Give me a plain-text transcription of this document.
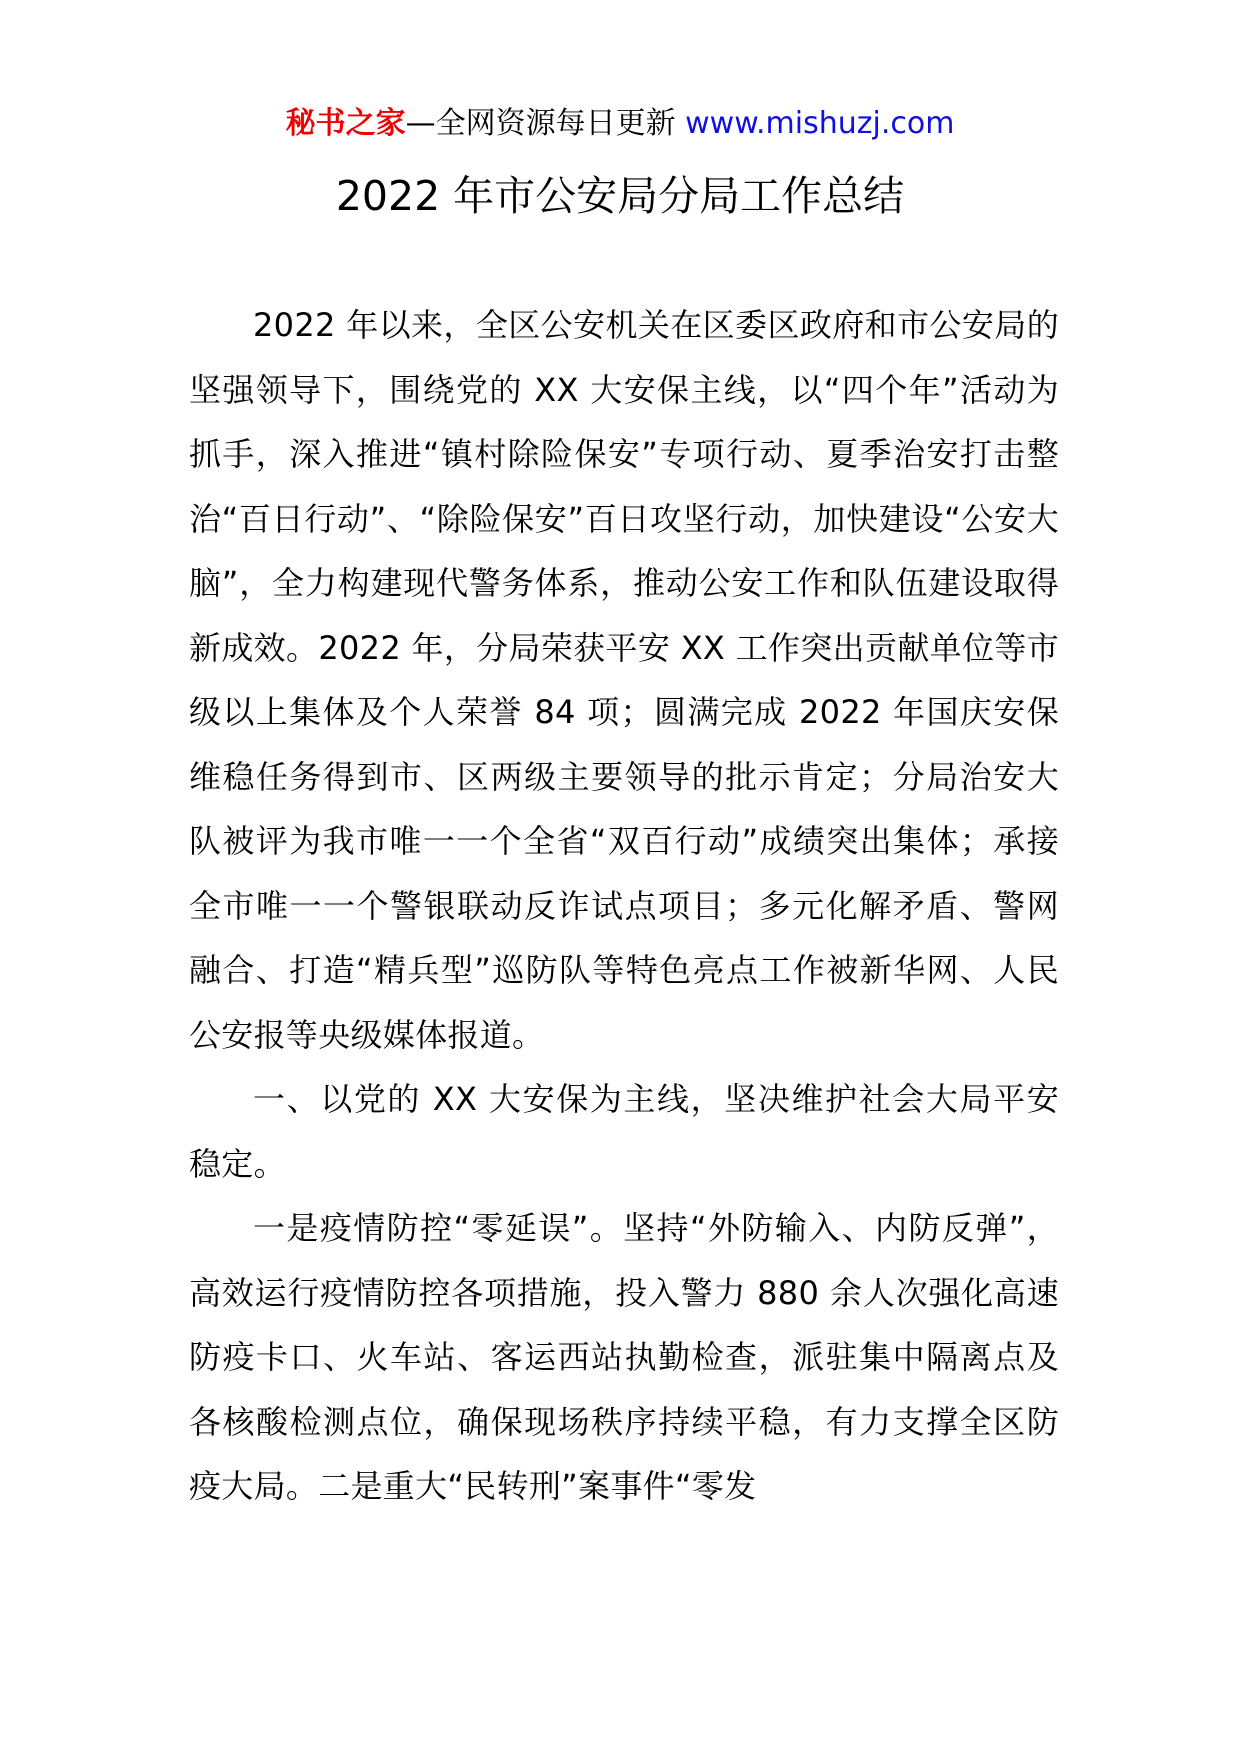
秘书之家—全网资源每日更新 www.mishuzj.com
2022 年市公安局分局工作总结

2022 年以来，全区公安机关在区委区政府和市公安局的坚强领导下，围绕党的 XX 大安保主线，以“四个年”活动为抓手，深入推进“镇村除险保安”专项行动、夏季治安打击整治“百日行动”、“除险保安”百日攻坚行动，加快建设“公安大脑”，全力构建现代警务体系，推动公安工作和队伍建设取得新成效。2022 年，分局荣获平安 XX 工作突出贡献单位等市级以上集体及个人荣誉 84 项；圆满完成 2022 年国庆安保维稳任务得到市、区两级主要领导的批示肯定；分局治安大队被评为我市唯一一个全省“双百行动”成绩突出集体；承接全市唯一一个警银联动反诈试点项目；多元化解矛盾、警网融合、打造“精兵型”巡防队等特色亮点工作被新华网、人民公安报等央级媒体报道。

一、以党的 XX 大安保为主线，坚决维护社会大局平安稳定。

一是疫情防控“零延误”。坚持“外防输入、内防反弹”，高效运行疫情防控各项措施，投入警力 880 余人次强化高速防疫卡口、火车站、客运西站执勤检查，派驻集中隔离点及各核酸检测点位，确保现场秩序持续平稳，有力支撑全区防疫大局。二是重大“民转刑”案事件“零发
